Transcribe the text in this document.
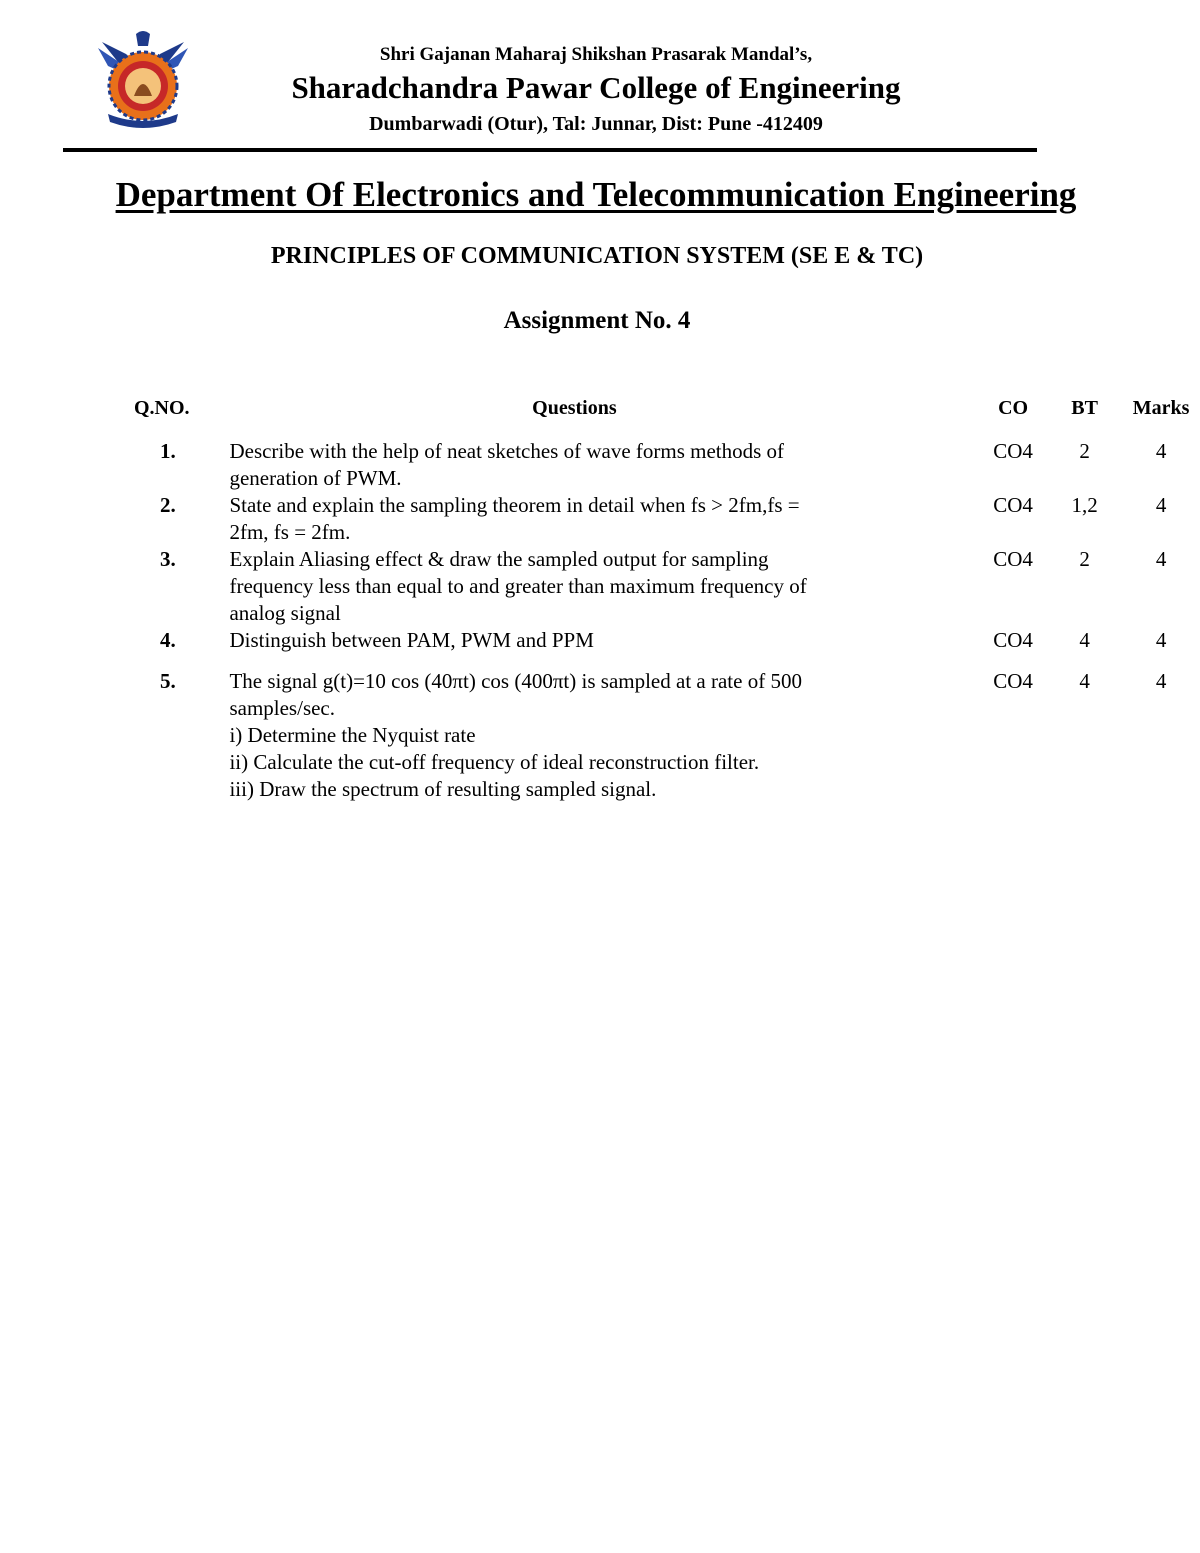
Shri Gajanan Maharaj Shikshan Prasarak Mandal’s,
Sharadchandra Pawar College of Engineering
Dumbarwadi (Otur), Tal: Junnar, Dist: Pune -412409
Department Of Electronics and Telecommunication Engineering
PRINCIPLES OF COMMUNICATION SYSTEM (SE E & TC)
Assignment No. 4
Q.NO.	Questions	CO	BT	Marks
1.	Describe with the help of neat sketches of wave forms methods of
generation of PWM.	CO4	2	4
2.	State and explain the sampling theorem in detail when fs > 2fm,fs =
2fm, fs = 2fm.	CO4	1,2	4
3.	Explain Aliasing effect & draw the sampled output for sampling
frequency less than equal to and greater than maximum frequency of
analog signal	CO4	2	4
4.	Distinguish between PAM, PWM and PPM	CO4	4	4
5.	The signal g(t)=10 cos (40πt) cos (400πt) is sampled at a rate of 500
samples/sec.
i) Determine the Nyquist rate
ii) Calculate the cut-off frequency of ideal reconstruction filter.
iii) Draw the spectrum of resulting sampled signal.	CO4	4	4
